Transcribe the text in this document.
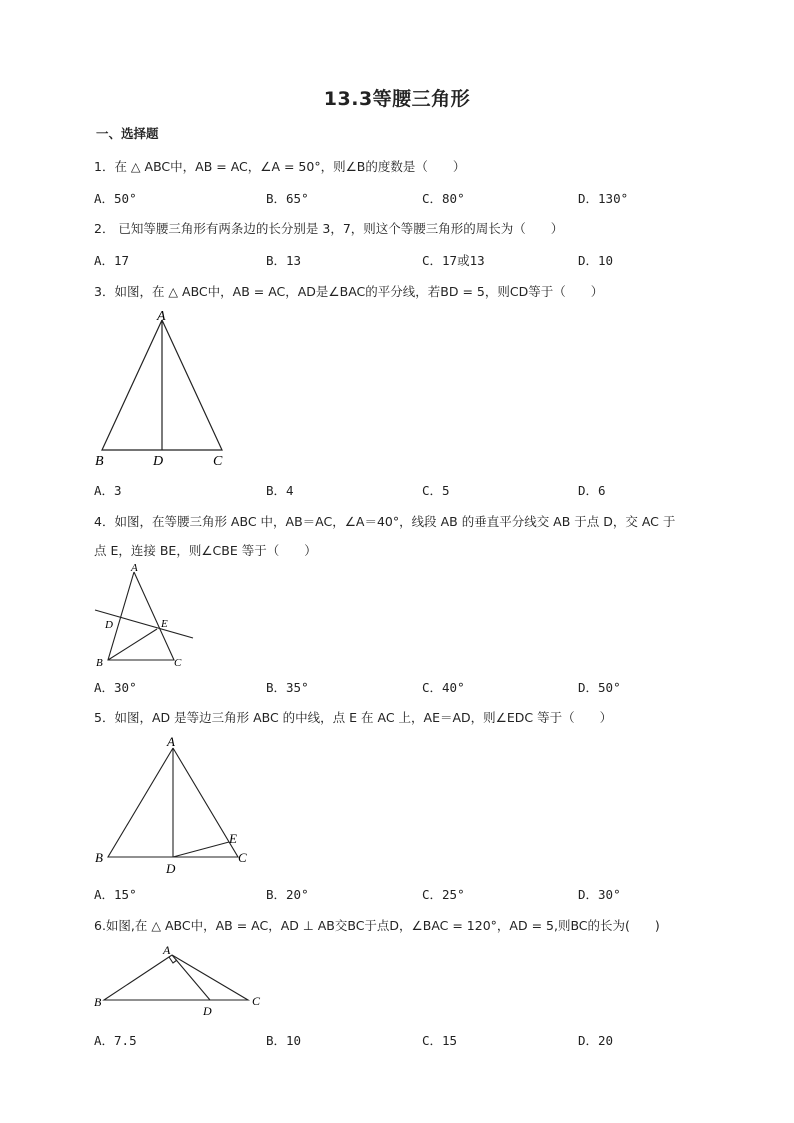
13.3等腰三角形
一、选择题
1．在 △ ABC中，AB = AC，∠A = 50°，则∠B的度数是（　　）
A．50°	B．65°	C．80°	D．130°
2． 已知等腰三角形有两条边的长分别是 3，7，则这个等腰三角形的周长为（　　）
A．17	B．13	C．17或13	D．10
3．如图，在 △ ABC中，AB = AC，AD是∠BAC的平分线，若BD = 5，则CD等于（　　）
A
B	D	C
A．3	B．4	C．5	D．6
4．如图，在等腰三角形 ABC 中，AB＝AC，∠A＝40°，线段 AB 的垂直平分线交 AB 于点 D，交 AC 于
点 E，连接 BE，则∠CBE 等于（　　）
A
D	E
B	C
A．30°	B．35°	C．40°	D．50°
5．如图，AD 是等边三角形 ABC 的中线，点 E 在 AC 上，AE＝AD，则∠EDC 等于（　　）
A
B
D
E
C
A．15°	B．20°	C．25°	D．30°
6.如图,在 △ ABC中，AB = AC，AD ⊥ AB交BC于点D，∠BAC = 120°，AD = 5,则BC的长为(　　)
A
B
D
C
A．7.5	B．10	C．15	D．20
